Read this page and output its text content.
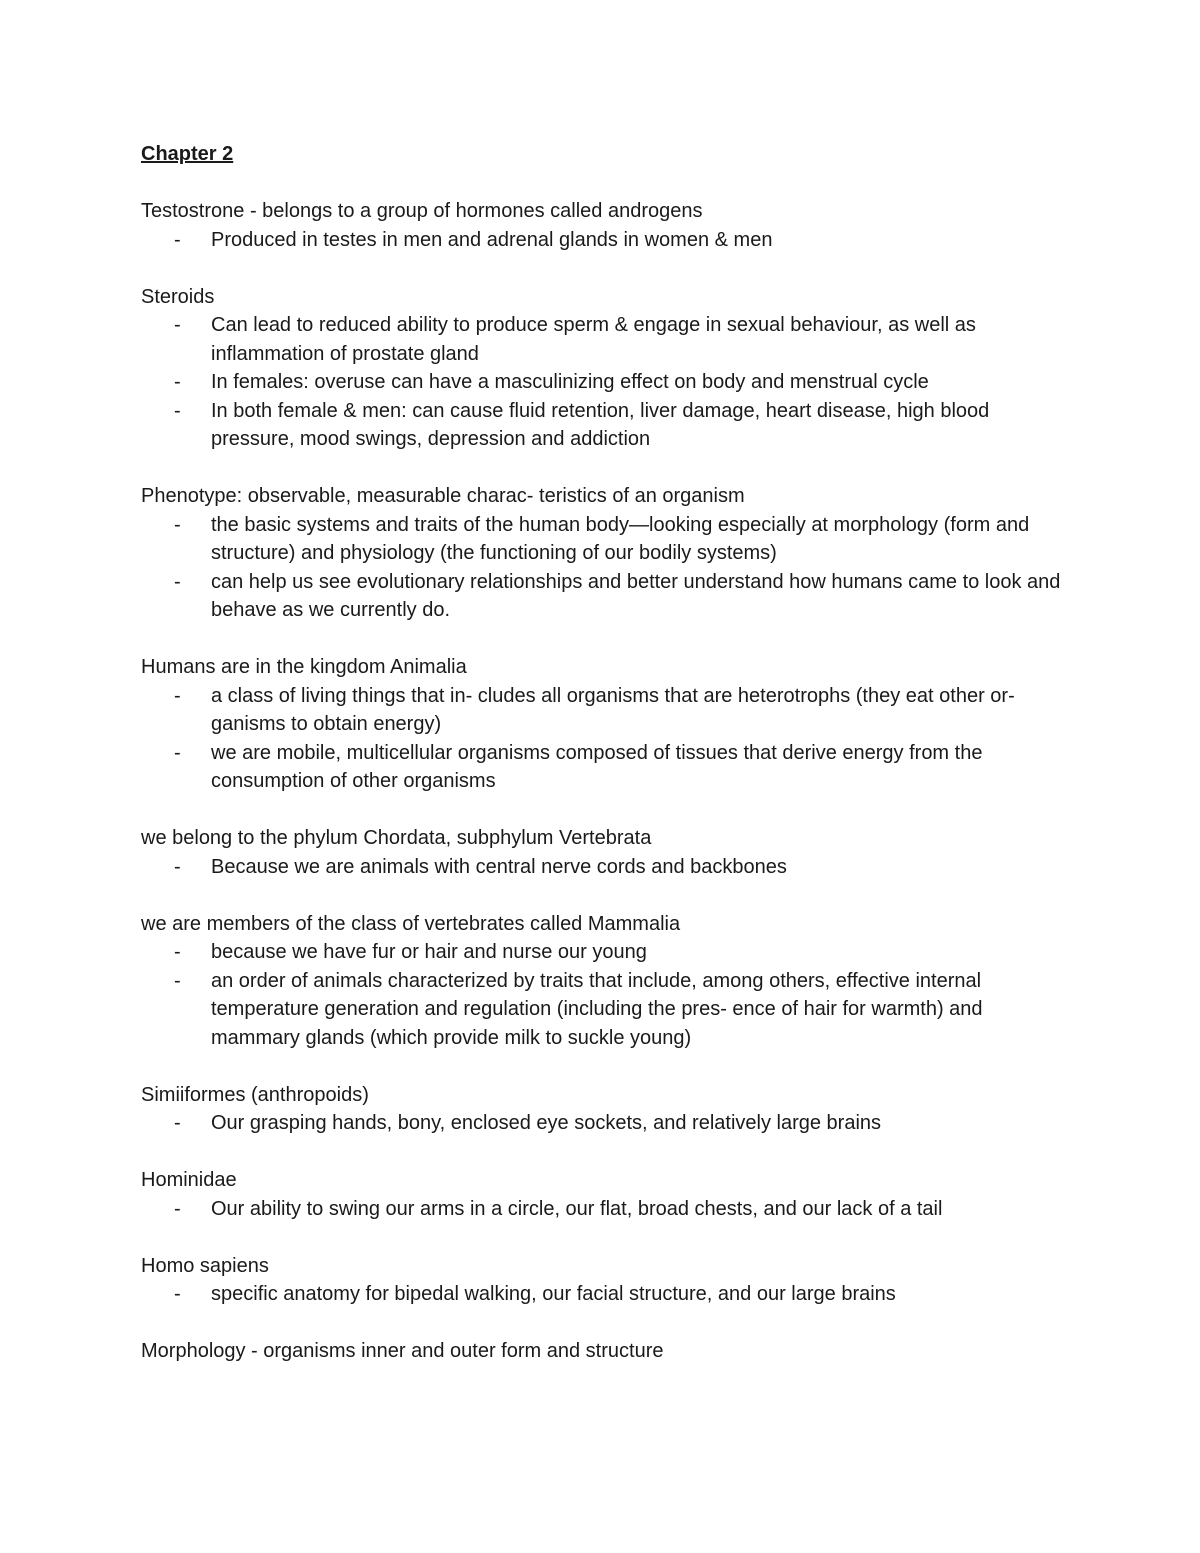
Chapter 2
Testostrone - belongs to a group of hormones called androgens
- Produced in testes in men and adrenal glands in women & men
Steroids
- Can lead to reduced ability to produce sperm & engage in sexual behaviour, as well as inflammation of prostate gland
- In females: overuse can have a masculinizing effect on body and menstrual cycle
- In both female & men: can cause fluid retention, liver damage, heart disease, high blood pressure, mood swings, depression and addiction
Phenotype: observable, measurable charac- teristics of an organism
- the basic systems and traits of the human body—looking especially at morphology (form and structure) and physiology (the functioning of our bodily systems)
- can help us see evolutionary relationships and better understand how humans came to look and behave as we currently do.
Humans are in the kingdom Animalia
- a class of living things that in- cludes all organisms that are heterotrophs (they eat other or- ganisms to obtain energy)
- we are mobile, multicellular organisms composed of tissues that derive energy from the consumption of other organisms
we belong to the phylum Chordata, subphylum Vertebrata
- Because we are animals with central nerve cords and backbones
we are members of the class of vertebrates called Mammalia
- because we have fur or hair and nurse our young
- an order of animals characterized by traits that include, among others, effective internal temperature generation and regulation (including the pres- ence of hair for warmth) and mammary glands (which provide milk to suckle young)
Simiiformes (anthropoids)
- Our grasping hands, bony, enclosed eye sockets, and relatively large brains
Hominidae
- Our ability to swing our arms in a circle, our flat, broad chests, and our lack of a tail
Homo sapiens
- specific anatomy for bipedal walking, our facial structure, and our large brains
Morphology - organisms inner and outer form and structure
